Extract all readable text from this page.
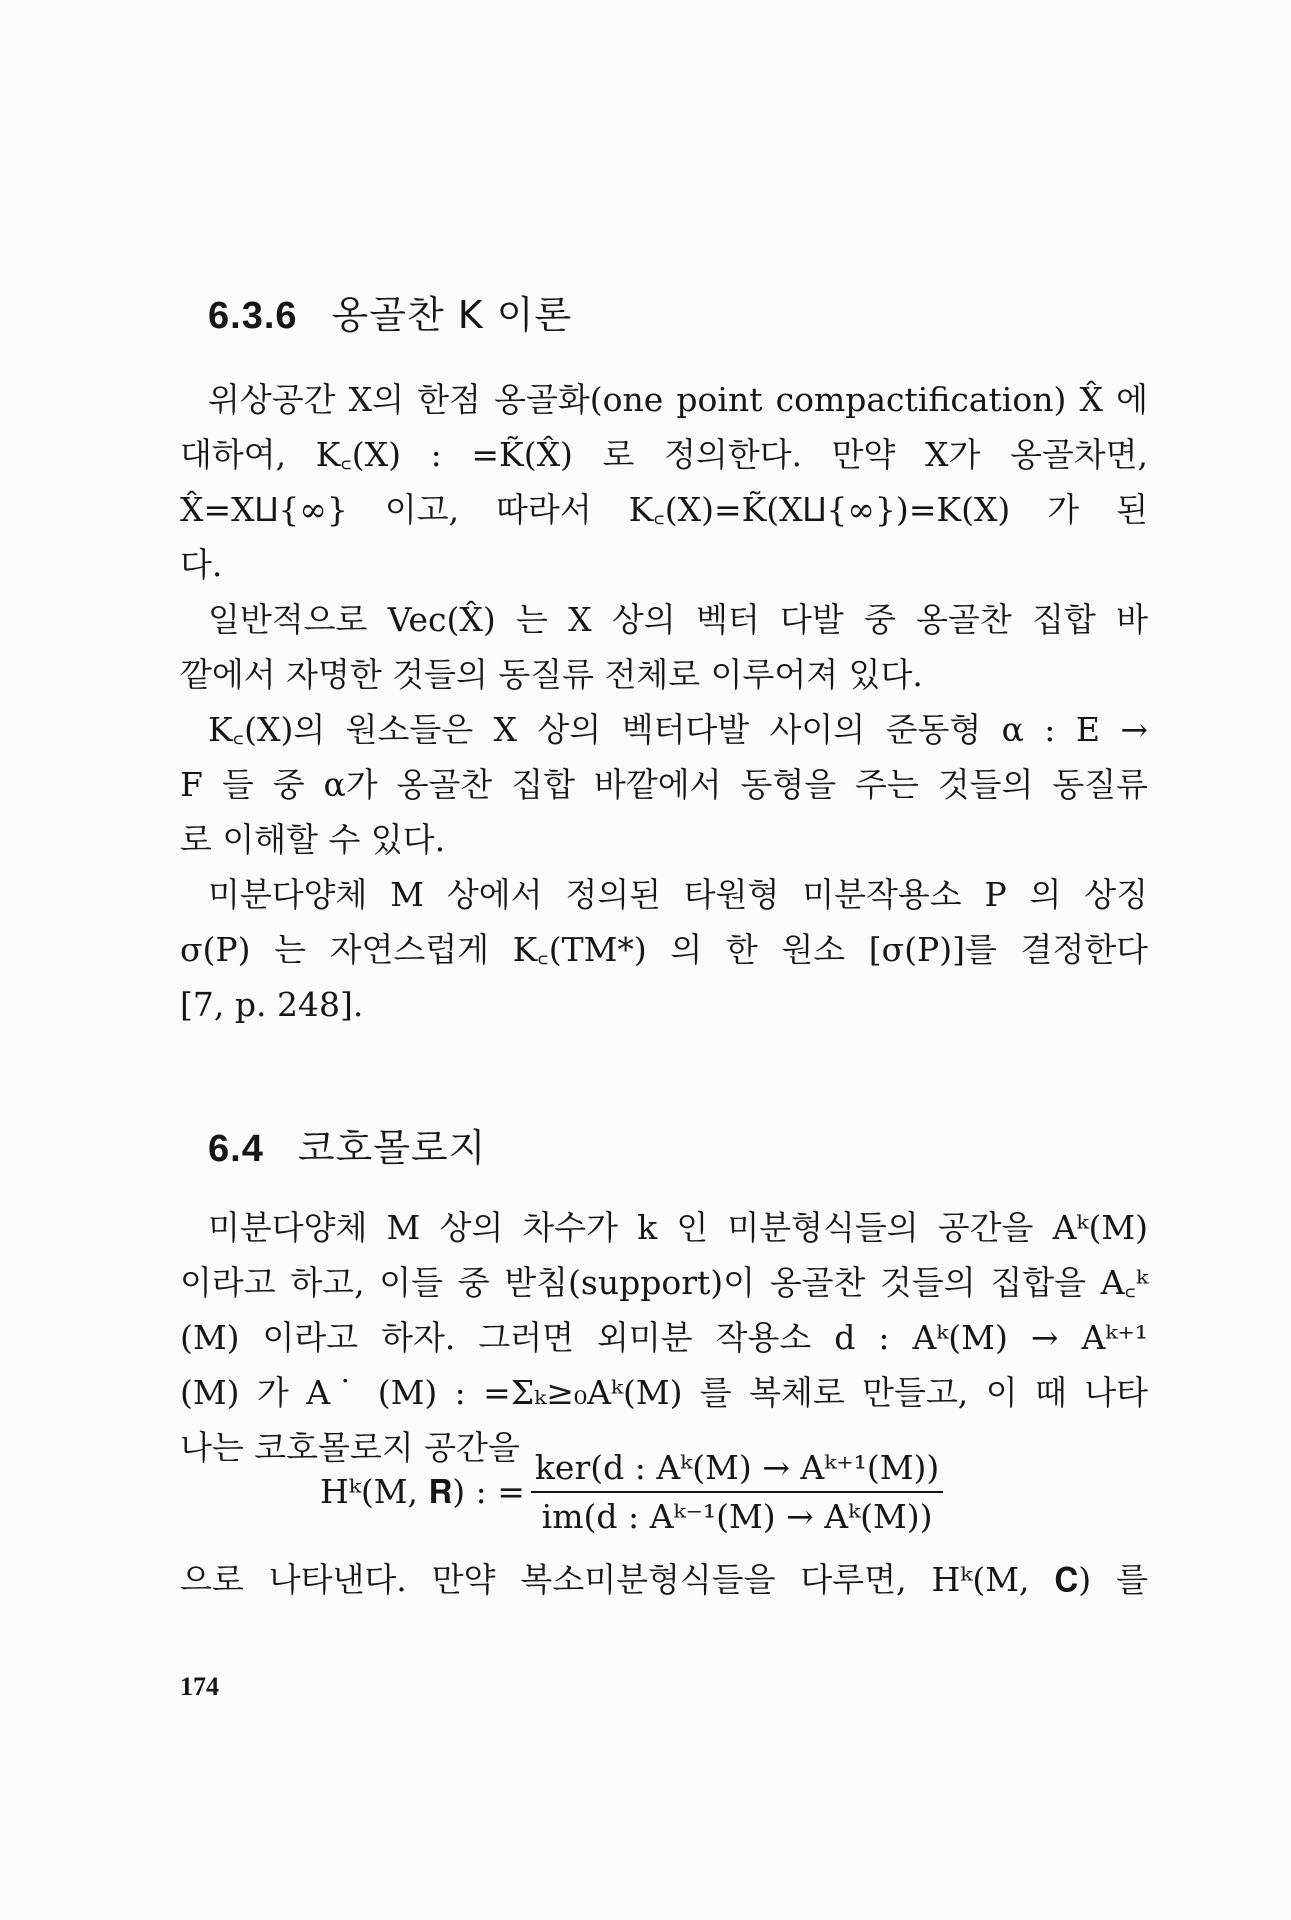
6.3.6 옹골찬 K 이론
위상공간 X의 한점 옹골화(one point compactification) X̂ 에
대하여, K꜀(X) : =K̃(X̂) 로 정의한다. 만약 X가 옹골차면,
X̂=X⨿{∞} 이고, 따라서 K꜀(X)=K̃(X⨿{∞})=K(X) 가 된
다.
일반적으로 Vec(X̂) 는 X 상의 벡터 다발 중 옹골찬 집합 바
깥에서 자명한 것들의 동질류 전체로 이루어져 있다.
K꜀(X)의 원소들은 X 상의 벡터다발 사이의 준동형 α : E →
F 들 중 α가 옹골찬 집합 바깥에서 동형을 주는 것들의 동질류
로 이해할 수 있다.
미분다양체 M 상에서 정의된 타원형 미분작용소 P 의 상징
σ(P) 는 자연스럽게 K꜀(TM*) 의 한 원소 [σ(P)]를 결정한다
[7, p. 248].
6.4 코호몰로지
미분다양체 M 상의 차수가 k 인 미분형식들의 공간을 Aᵏ(M)
이라고 하고, 이들 중 받침(support)이 옹골찬 것들의 집합을 A꜀ᵏ
(M) 이라고 하자. 그러면 외미분 작용소 d : Aᵏ(M) → Aᵏ⁺¹
(M) 가 A˙ (M) : =Σₖ≥₀Aᵏ(M) 를 복체로 만들고, 이 때 나타
나는 코호몰로지 공간을
Hᵏ(M, 𝐑) : = $\frac{\text{ker(d : Aᵏ(M) → Aᵏ⁺¹(M))}}{\text{im(d : Aᵏ⁻¹(M) → Aᵏ(M))}}$
으로 나타낸다. 만약 복소미분형식들을 다루면, Hᵏ(M, 𝐂) 를
174
